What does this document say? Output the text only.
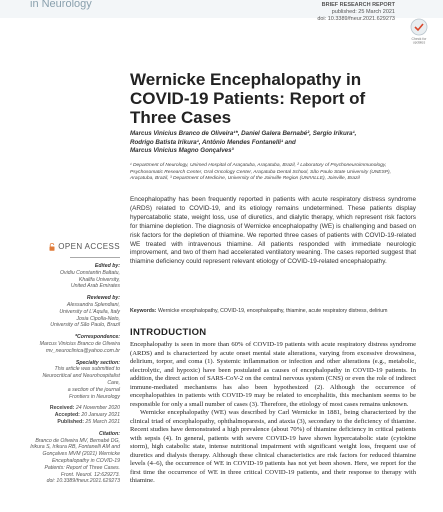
in Neurology	BRIEF RESEARCH REPORT
published: 25 March 2021
doi: 10.3389/fneur.2021.629273
Check for
updates
Wernicke Encephalopathy in COVID-19 Patients: Report of Three Cases
Marcus Vinicius Branco de Oliveira¹*, Daniel Galera Bernabé², Sergio Irikura¹,
Rodrigo Batista Irikura¹, Antônio Mendes Fontanelli¹ and
Marcus Vinicius Magno Gonçalves³
¹ Department of Neurology, Unimed Hospital of Araçatuba, Araçatuba, Brazil, ² Laboratory of Psychoneuroimmunology,
Psychosomatic Research Center, Oral Oncology Center, Araçatuba Dental School, São Paulo State University (UNESP),
Araçatuba, Brazil, ³ Department of Medicine, University of the Joinville Region (UNIVILLE), Joinville, Brazil
Encephalopathy has been frequently reported in patients with acute respiratory distress syndrome (ARDS) related to COVID-19, and its etiology remains undetermined. These patients display hypercatabolic state, weight loss, use of diuretics, and dialytic therapy, which represent risk factors for thiamine depletion. The diagnosis of Wernicke encephalopathy (WE) is challenging and based on risk factors for the depletion of thiamine. We reported three cases of patients with COVID-19-related WE treated with intravenous thiamine. All patients responded with immediate neurologic improvement, and two of them had accelerated ventilatory weaning. The cases reported suggest that thiamine deficiency could represent relevant etiology of COVID-19-related encephalopathy.
Keywords: Wernicke encephalopathy, COVID-19, encephalopathy, thiamine, acute respiratory distress, delirium
OPEN ACCESS
Edited by:
Ovidiu Constantin Baltatu,
Khalifa University,
United Arab Emirates
Reviewed by:
Alessandra Splendiani,
University of L'Aquila, Italy
Josia Cipolla-Neto,
University of São Paulo, Brazil
*Correspondence:
Marcus Vinicius Branco de Oliveira
mv_neuroclinica@yahoo.com.br
Specialty section:
This article was submitted to
Neurocritical and Neurohospitalist
Care,
a section of the journal
Frontiers in Neurology
Received: 24 November 2020
Accepted: 20 January 2021
Published: 25 March 2021
Citation:
Branco de Oliveira MV, Bernabé DG,
Irikura S, Irikura RB, Fontanelli AM and
Gonçalves MVM (2021) Wernicke
Encephalopathy in COVID-19
Patients: Report of Three Cases.
Front. Neurol. 12:629273.
doi: 10.3389/fneur.2021.629273
INTRODUCTION

Encephalopathy is seen in more than 60% of COVID-19 patients with acute respiratory distress syndrome (ARDS) and is characterized by acute onset mental state alterations, varying from excessive drowsiness, delirium, torpor, and coma (1). Systemic inflammation or infection and other alterations (e.g., metabolic, electrolytic, and hypoxic) have been postulated as causes of encephalopathy in COVID-19 patients. In addition, the direct action of SARS-CoV-2 on the central nervous system (CNS) or even the role of indirect immune-mediated mechanisms has also been hypothesized (2). Although the occurrence of encephalopathies in patients with COVID-19 may be related to encephalitis, this mechanism seems to be responsible for only a small number of cases (3). Therefore, the etiology of most cases remains unknown.

Wernicke encephalopathy (WE) was described by Carl Wernicke in 1881, being characterized by the clinical triad of encephalopathy, ophthalmoparesis, and ataxia (3), secondary to the deficiency of thiamine. Recent studies have demonstrated a high prevalence (about 70%) of thiamine deficiency in critical patients with sepsis (4). In general, patients with severe COVID-19 have shown hypercatabolic state (cytokine storm), high catabolic state, intense nutritional impairment with significant weight loss, frequent use of diuretics and dialysis therapy. Although these clinical characteristics are risk factors for reduced thiamine levels (4–6), the occurrence of WE in COVID-19 patients has not yet been shown. Here, we report for the first time the occurrence of WE in three critical COVID-19 patients, and their response to therapy with thiamine.
